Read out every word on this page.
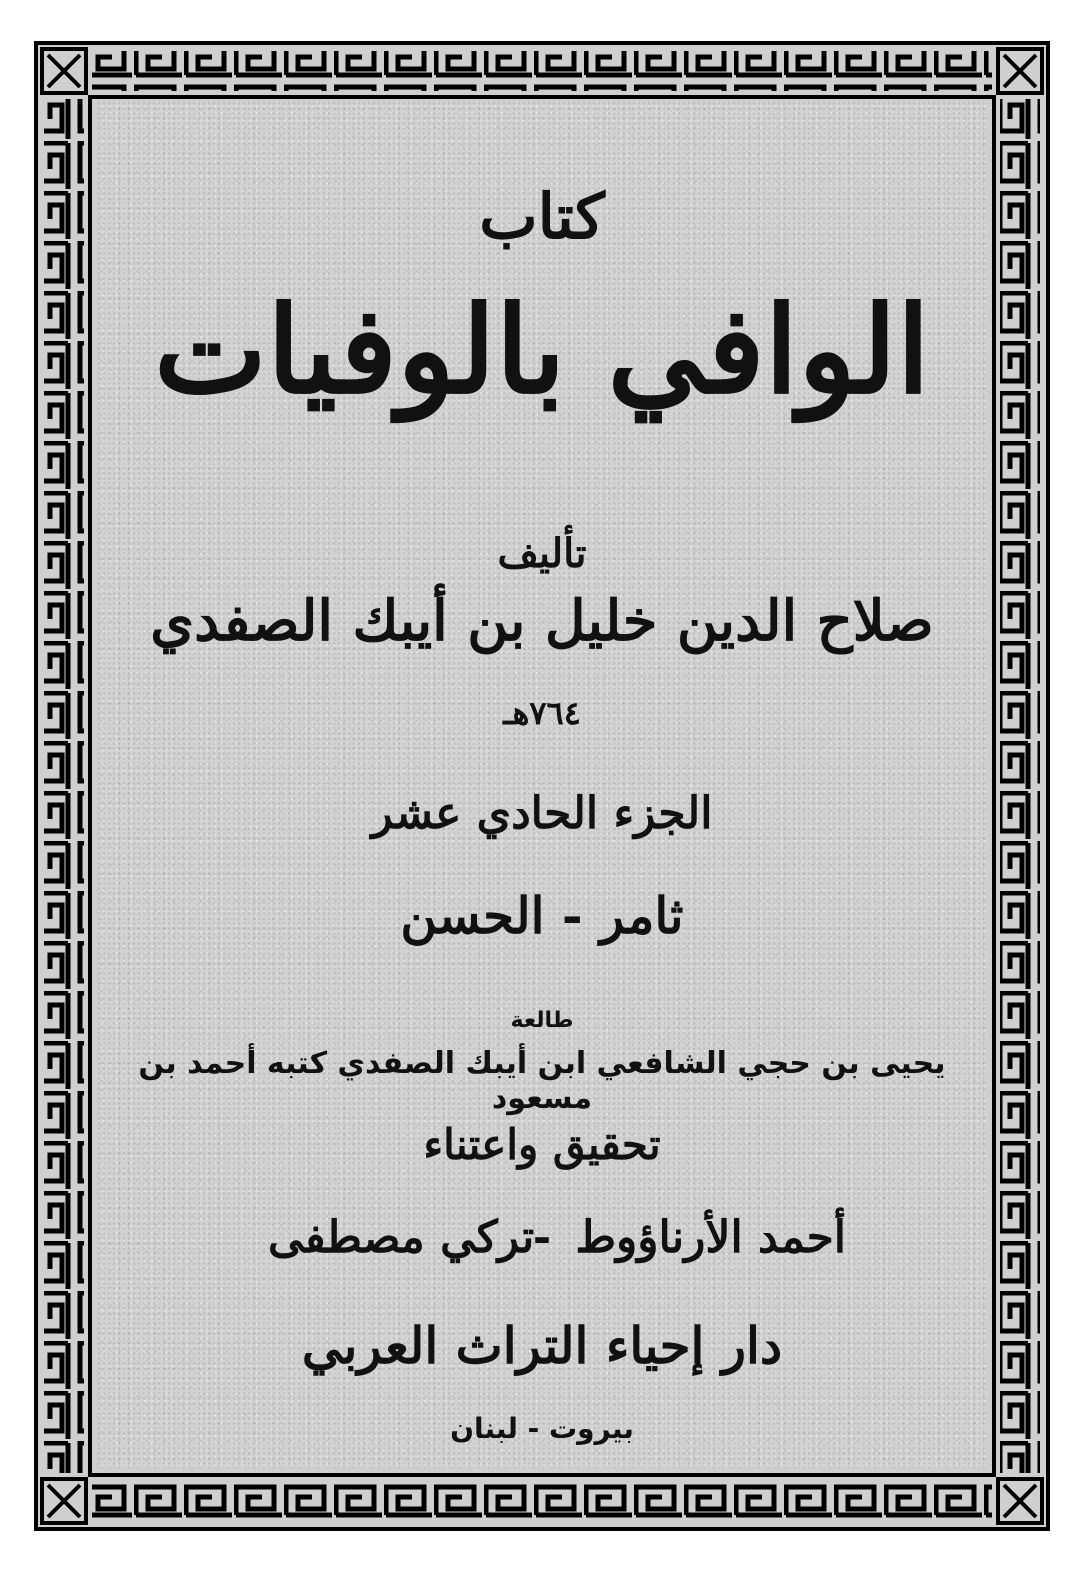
كتاب
الوافي بالوفيات
تأليف
صلاح الدين خليل بن أيبك الصفدي
٧٦٤هـ
الجزء الحادي عشر
ثامر - الحسن
طالعة
يحيى بن حجي الشافعي ابن أيبك الصفدي كتبه أحمد بن مسعود
تحقيق واعتناء
أحمد الأرناؤوط
-
تركي مصطفى
دار إحياء التراث العربي
بيروت - لبنان
